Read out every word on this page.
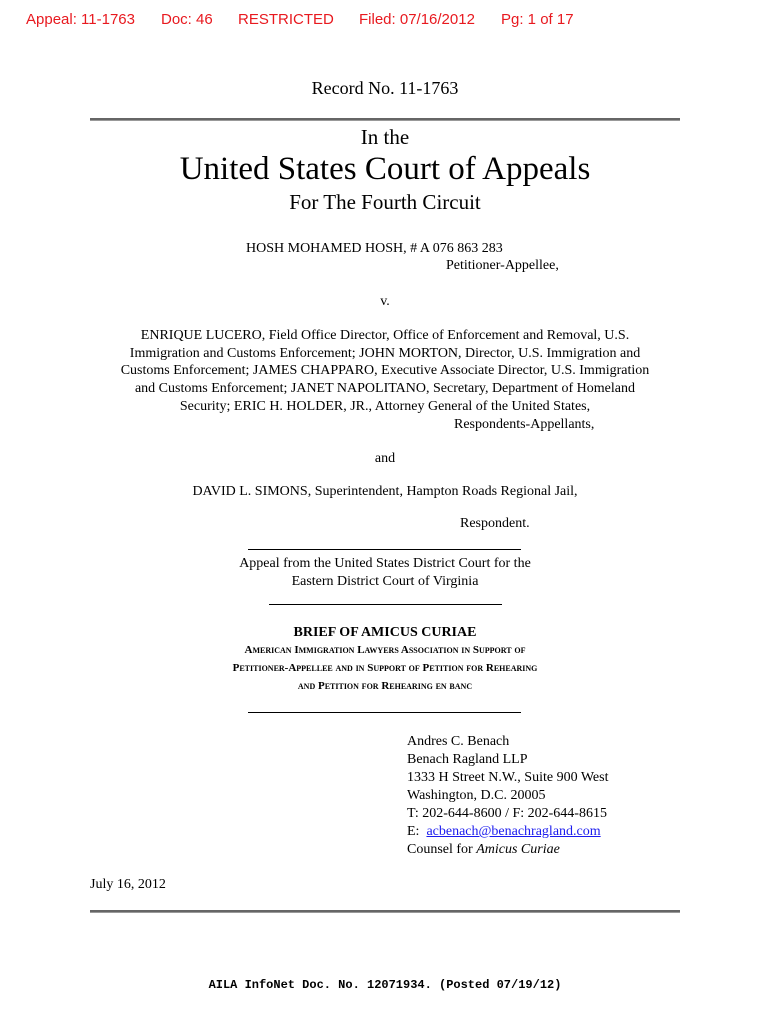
Appeal: 11-1763 Doc: 46 RESTRICTED Filed: 07/16/2012 Pg: 1 of 17
Record No. 11-1763
In the
United States Court of Appeals
For The Fourth Circuit
HOSH MOHAMED HOSH, # A 076 863 283
Petitioner-Appellee,
v.
ENRIQUE LUCERO, Field Office Director, Office of Enforcement and Removal, U.S.
Immigration and Customs Enforcement; JOHN MORTON, Director, U.S. Immigration and
Customs Enforcement; JAMES CHAPPARO, Executive Associate Director, U.S. Immigration
and Customs Enforcement; JANET NAPOLITANO, Secretary, Department of Homeland
Security; ERIC H. HOLDER, JR., Attorney General of the United States,
Respondents-Appellants,
and
DAVID L. SIMONS, Superintendent, Hampton Roads Regional Jail,
Respondent.
Appeal from the United States District Court for the
Eastern District Court of Virginia
BRIEF OF AMICUS CURIAE
American Immigration Lawyers Association in Support of
Petitioner-Appellee and in Support of Petition for Rehearing
and Petition for Rehearing en banc
Andres C. Benach
Benach Ragland LLP
1333 H Street N.W., Suite 900 West
Washington, D.C. 20005
T: 202-644-8600 / F: 202-644-8615
E:  acbenach@benachragland.com
Counsel for Amicus Curiae
July 16, 2012
AILA InfoNet Doc. No. 12071934. (Posted 07/19/12)
